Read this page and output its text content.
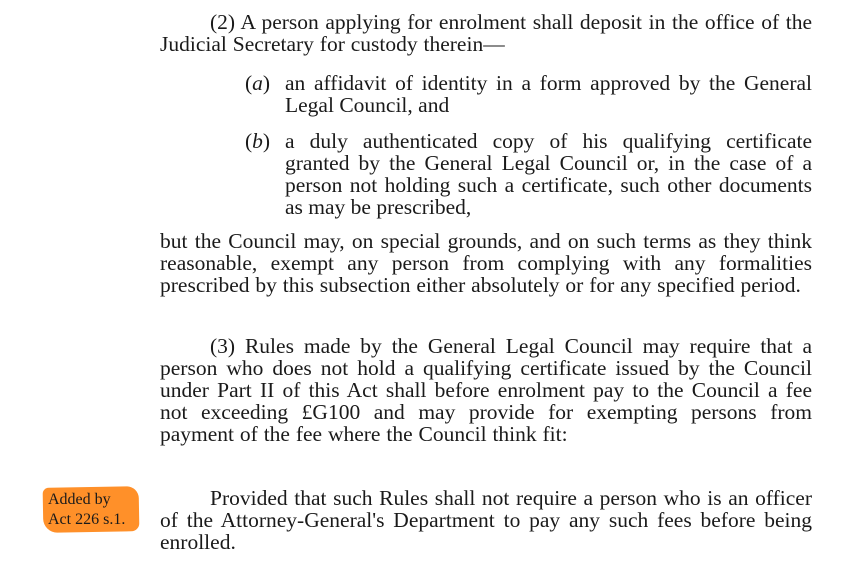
(2) A person applying for enrolment shall deposit in the office of the Judicial Secretary for custody therein—
(a) an affidavit of identity in a form approved by the General Legal Council, and
(b) a duly authenticated copy of his qualifying certificate granted by the General Legal Council or, in the case of a person not holding such a certificate, such other documents as may be prescribed,
but the Council may, on special grounds, and on such terms as they think reasonable, exempt any person from complying with any formalities prescribed by this subsection either absolutely or for any specified period.
(3) Rules made by the General Legal Council may require that a person who does not hold a qualifying certificate issued by the Council under Part II of this Act shall before enrolment pay to the Council a fee not exceeding £G100 and may provide for exempting persons from payment of the fee where the Council think fit:
Provided that such Rules shall not require a person who is an officer of the Attorney-General's Department to pay any such fees before being enrolled.
Added by
Act 226 s.1.
